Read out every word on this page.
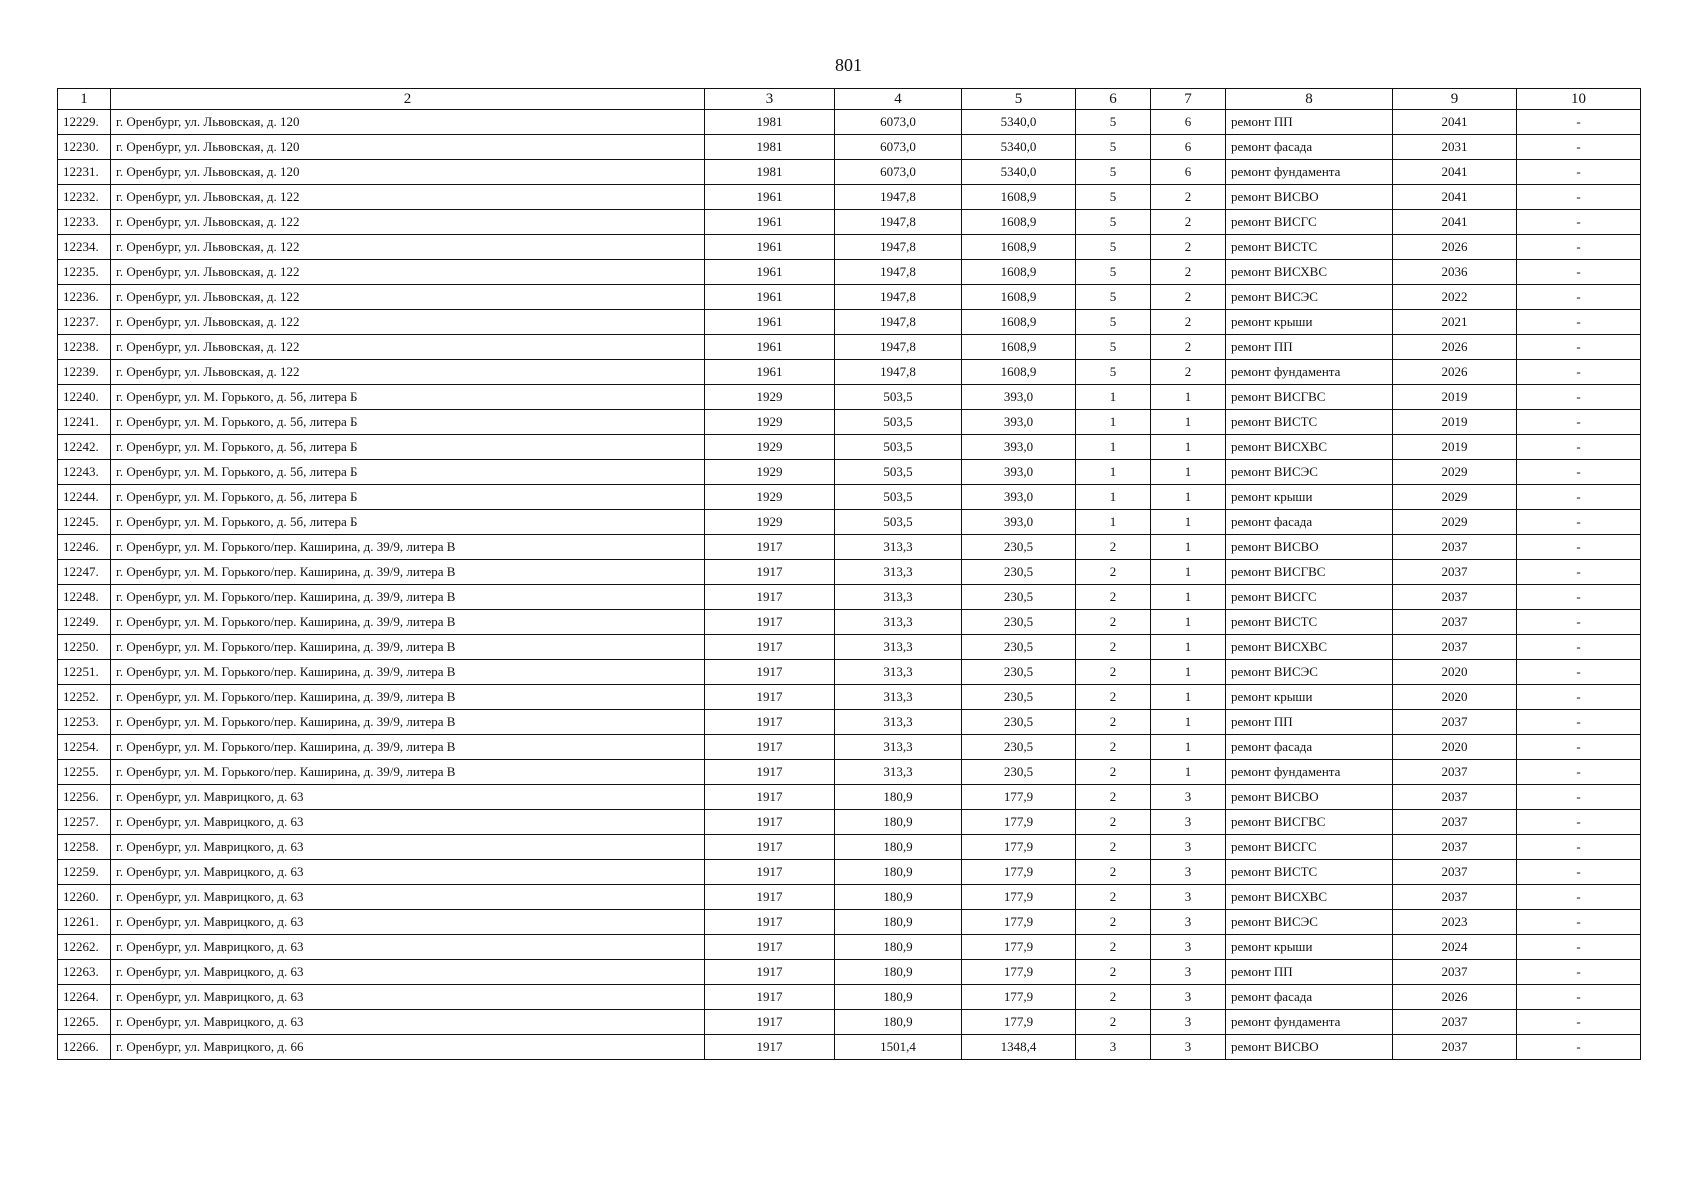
801
1	2	3	4	5	6	7	8	9	10
12229.	г. Оренбург, ул. Львовская, д. 120	1981	6073,0	5340,0	5	6	ремонт ПП	2041	-
12230.	г. Оренбург, ул. Львовская, д. 120	1981	6073,0	5340,0	5	6	ремонт фасада	2031	-
12231.	г. Оренбург, ул. Львовская, д. 120	1981	6073,0	5340,0	5	6	ремонт фундамента	2041	-
12232.	г. Оренбург, ул. Львовская, д. 122	1961	1947,8	1608,9	5	2	ремонт ВИСВО	2041	-
12233.	г. Оренбург, ул. Львовская, д. 122	1961	1947,8	1608,9	5	2	ремонт ВИСГС	2041	-
12234.	г. Оренбург, ул. Львовская, д. 122	1961	1947,8	1608,9	5	2	ремонт ВИСТС	2026	-
12235.	г. Оренбург, ул. Львовская, д. 122	1961	1947,8	1608,9	5	2	ремонт ВИСХВС	2036	-
12236.	г. Оренбург, ул. Львовская, д. 122	1961	1947,8	1608,9	5	2	ремонт ВИСЭС	2022	-
12237.	г. Оренбург, ул. Львовская, д. 122	1961	1947,8	1608,9	5	2	ремонт крыши	2021	-
12238.	г. Оренбург, ул. Львовская, д. 122	1961	1947,8	1608,9	5	2	ремонт ПП	2026	-
12239.	г. Оренбург, ул. Львовская, д. 122	1961	1947,8	1608,9	5	2	ремонт фундамента	2026	-
12240.	г. Оренбург, ул. М. Горького, д. 5б, литера Б	1929	503,5	393,0	1	1	ремонт ВИСГВС	2019	-
12241.	г. Оренбург, ул. М. Горького, д. 5б, литера Б	1929	503,5	393,0	1	1	ремонт ВИСТС	2019	-
12242.	г. Оренбург, ул. М. Горького, д. 5б, литера Б	1929	503,5	393,0	1	1	ремонт ВИСХВС	2019	-
12243.	г. Оренбург, ул. М. Горького, д. 5б, литера Б	1929	503,5	393,0	1	1	ремонт ВИСЭС	2029	-
12244.	г. Оренбург, ул. М. Горького, д. 5б, литера Б	1929	503,5	393,0	1	1	ремонт крыши	2029	-
12245.	г. Оренбург, ул. М. Горького, д. 5б, литера Б	1929	503,5	393,0	1	1	ремонт фасада	2029	-
12246.	г. Оренбург, ул. М. Горького/пер. Каширина, д. 39/9, литера В	1917	313,3	230,5	2	1	ремонт ВИСВО	2037	-
12247.	г. Оренбург, ул. М. Горького/пер. Каширина, д. 39/9, литера В	1917	313,3	230,5	2	1	ремонт ВИСГВС	2037	-
12248.	г. Оренбург, ул. М. Горького/пер. Каширина, д. 39/9, литера В	1917	313,3	230,5	2	1	ремонт ВИСГС	2037	-
12249.	г. Оренбург, ул. М. Горького/пер. Каширина, д. 39/9, литера В	1917	313,3	230,5	2	1	ремонт ВИСТС	2037	-
12250.	г. Оренбург, ул. М. Горького/пер. Каширина, д. 39/9, литера В	1917	313,3	230,5	2	1	ремонт ВИСХВС	2037	-
12251.	г. Оренбург, ул. М. Горького/пер. Каширина, д. 39/9, литера В	1917	313,3	230,5	2	1	ремонт ВИСЭС	2020	-
12252.	г. Оренбург, ул. М. Горького/пер. Каширина, д. 39/9, литера В	1917	313,3	230,5	2	1	ремонт крыши	2020	-
12253.	г. Оренбург, ул. М. Горького/пер. Каширина, д. 39/9, литера В	1917	313,3	230,5	2	1	ремонт ПП	2037	-
12254.	г. Оренбург, ул. М. Горького/пер. Каширина, д. 39/9, литера В	1917	313,3	230,5	2	1	ремонт фасада	2020	-
12255.	г. Оренбург, ул. М. Горького/пер. Каширина, д. 39/9, литера В	1917	313,3	230,5	2	1	ремонт фундамента	2037	-
12256.	г. Оренбург, ул. Маврицкого, д. 63	1917	180,9	177,9	2	3	ремонт ВИСВО	2037	-
12257.	г. Оренбург, ул. Маврицкого, д. 63	1917	180,9	177,9	2	3	ремонт ВИСГВС	2037	-
12258.	г. Оренбург, ул. Маврицкого, д. 63	1917	180,9	177,9	2	3	ремонт ВИСГС	2037	-
12259.	г. Оренбург, ул. Маврицкого, д. 63	1917	180,9	177,9	2	3	ремонт ВИСТС	2037	-
12260.	г. Оренбург, ул. Маврицкого, д. 63	1917	180,9	177,9	2	3	ремонт ВИСХВС	2037	-
12261.	г. Оренбург, ул. Маврицкого, д. 63	1917	180,9	177,9	2	3	ремонт ВИСЭС	2023	-
12262.	г. Оренбург, ул. Маврицкого, д. 63	1917	180,9	177,9	2	3	ремонт крыши	2024	-
12263.	г. Оренбург, ул. Маврицкого, д. 63	1917	180,9	177,9	2	3	ремонт ПП	2037	-
12264.	г. Оренбург, ул. Маврицкого, д. 63	1917	180,9	177,9	2	3	ремонт фасада	2026	-
12265.	г. Оренбург, ул. Маврицкого, д. 63	1917	180,9	177,9	2	3	ремонт фундамента	2037	-
12266.	г. Оренбург, ул. Маврицкого, д. 66	1917	1501,4	1348,4	3	3	ремонт ВИСВО	2037	-
